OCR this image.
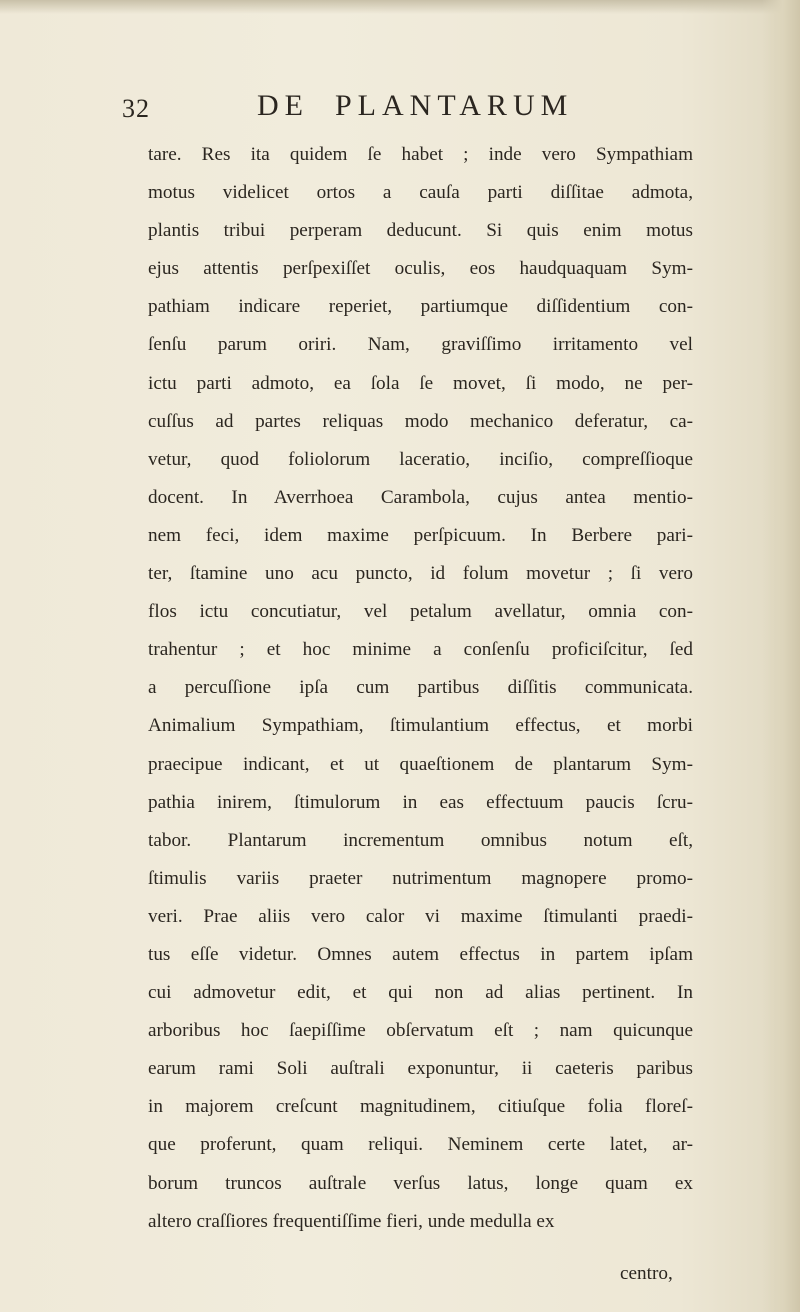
32	DE PLANTARUM
tare. Res ita quidem ſe habet ; inde vero Sympathiam
motus videlicet ortos a cauſa parti diſſitae admota,
plantis tribui perperam deducunt. Si quis enim motus
ejus attentis perſpexiſſet oculis, eos haudquaquam Sym-
pathiam indicare reperiet, partiumque diſſidentium con-
ſenſu parum oriri. Nam, graviſſimo irritamento vel
ictu parti admoto, ea ſola ſe movet, ſi modo, ne per-
cuſſus ad partes reliquas modo mechanico deferatur, ca-
vetur, quod foliolorum laceratio, inciſio, compreſſioque
docent. In Averrhoea Carambola, cujus antea mentio-
nem feci, idem maxime perſpicuum. In Berbere pari-
ter, ſtamine uno acu puncto, id folum movetur ; ſi vero
flos ictu concutiatur, vel petalum avellatur, omnia con-
trahentur ; et hoc minime a conſenſu proficiſcitur, ſed
a percuſſione ipſa cum partibus diſſitis communicata.
Animalium Sympathiam, ſtimulantium effectus, et morbi
praecipue indicant, et ut quaeſtionem de plantarum Sym-
pathia inirem, ſtimulorum in eas effectuum paucis ſcru-
tabor. Plantarum incrementum omnibus notum eſt,
ſtimulis variis praeter nutrimentum magnopere promo-
veri. Prae aliis vero calor vi maxime ſtimulanti praedi-
tus eſſe videtur. Omnes autem effectus in partem ipſam
cui admovetur edit, et qui non ad alias pertinent. In
arboribus hoc ſaepiſſime obſervatum eſt ; nam quicunque
earum rami Soli auſtrali exponuntur, ii caeteris paribus
in majorem creſcunt magnitudinem, citiuſque folia floreſ-
que proferunt, quam reliqui. Neminem certe latet, ar-
borum truncos auſtrale verſus latus, longe quam ex
altero craſſiores frequentiſſime fieri, unde medulla ex
centro,
